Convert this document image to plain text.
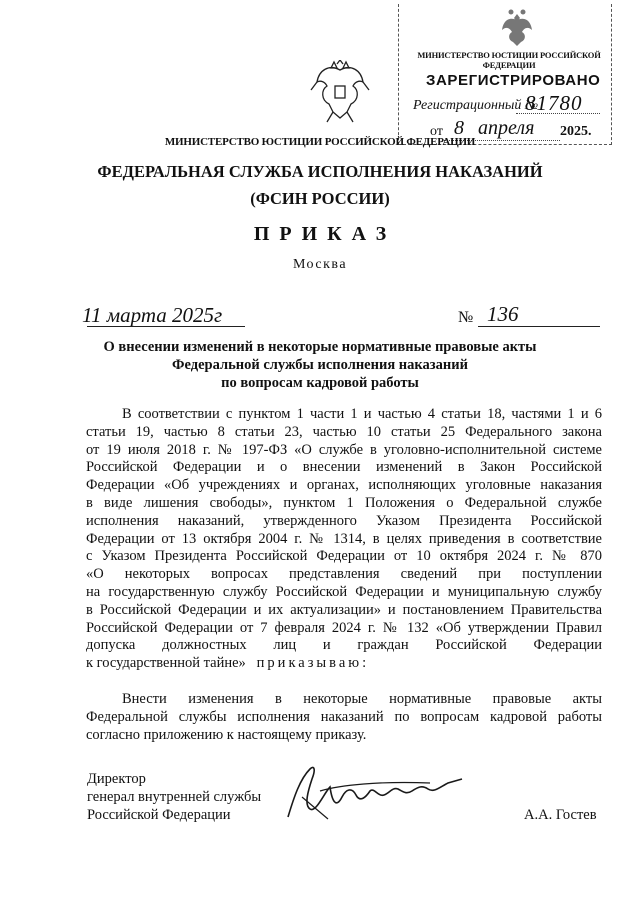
МИНИСТЕРСТВО ЮСТИЦИИ РОССИЙСКОЙ ФЕДЕРАЦИИ
ЗАРЕГИСТРИРОВАНО
Регистрационный №
81780
от 8 апреля 2025.
МИНИСТЕРСТВО ЮСТИЦИИ РОССИЙСКОЙ ФЕДЕРАЦИИ
ФЕДЕРАЛЬНАЯ СЛУЖБА ИСПОЛНЕНИЯ НАКАЗАНИЙ
(ФСИН РОССИИ)
ПРИКАЗ
Москва
11 марта 2025г	№ 136
О внесении изменений в некоторые нормативные правовые акты
Федеральной службы исполнения наказаний
по вопросам кадровой работы
В соответствии с пунктом 1 части 1 и частью 4 статьи 18, частями 1 и 6
статьи 19, частью 8 статьи 23, частью 10 статьи 25 Федерального закона
от 19 июля 2018 г. № 197-ФЗ «О службе в уголовно-исполнительной системе
Российской Федерации и о внесении изменений в Закон Российской
Федерации «Об учреждениях и органах, исполняющих уголовные наказания
в виде лишения свободы», пунктом 1 Положения о Федеральной службе
исполнения наказаний, утвержденного Указом Президента Российской
Федерации от 13 октября 2004 г. № 1314, в целях приведения в соответствие
с Указом Президента Российской Федерации от 10 октября 2024 г. № 870
«О некоторых вопросах представления сведений при поступлении
на государственную службу Российской Федерации и муниципальную службу
в Российской Федерации и их актуализации» и постановлением Правительства
Российской Федерации от 7 февраля 2024 г. № 132 «Об утверждении Правил
допуска должностных лиц и граждан Российской Федерации
к государственной тайне» приказываю:
Внести изменения в некоторые нормативные правовые акты
Федеральной службы исполнения наказаний по вопросам кадровой работы
согласно приложению к настоящему приказу.
Директор
генерал внутренней службы
Российской Федерации	А.А. Гостев
